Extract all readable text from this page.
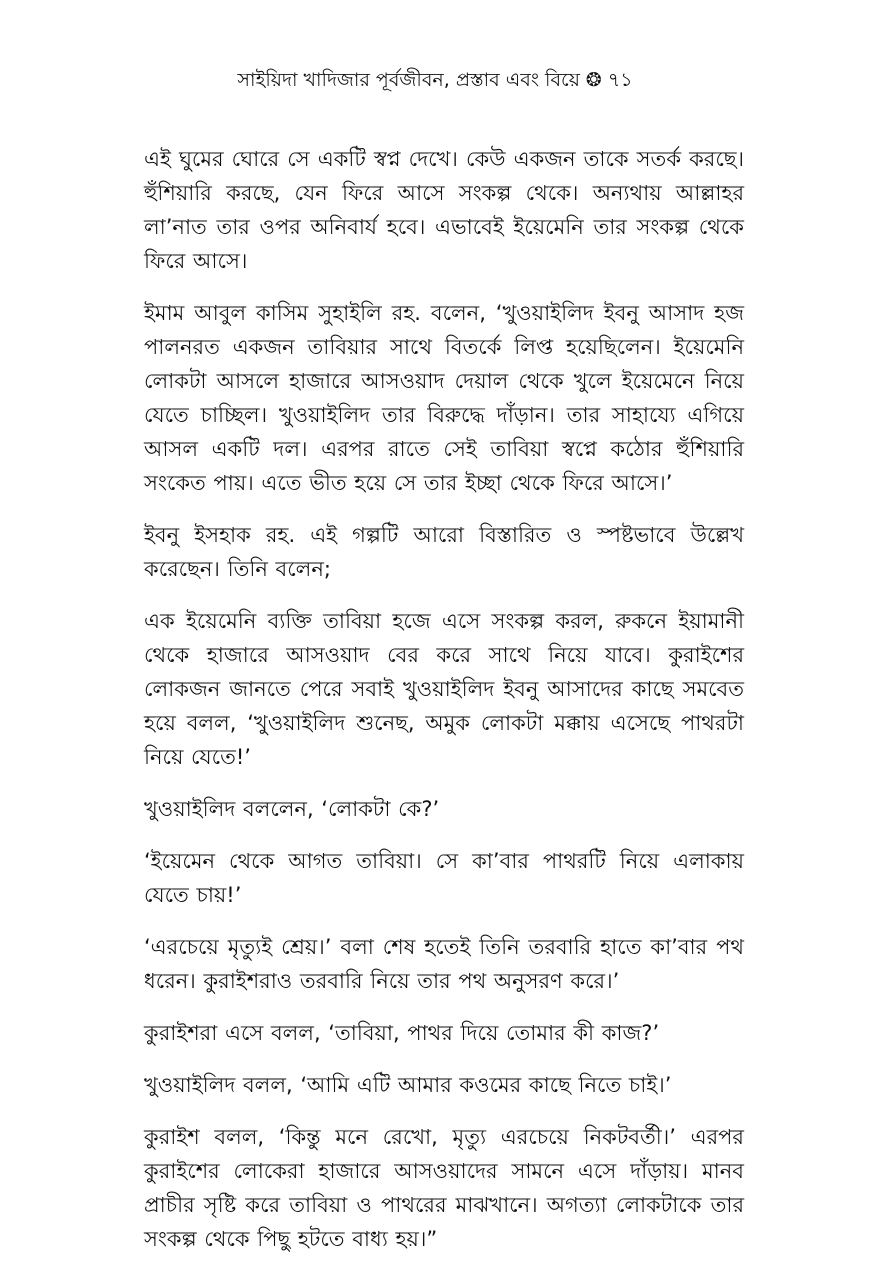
সাইয়িদা খাদিজার পূর্বজীবন, প্রস্তাব এবং বিয়ে ❂ ৭১

এই ঘুমের ঘোরে সে একটি স্বপ্ন দেখে। কেউ একজন তাকে সতর্ক করছে। হুঁশিয়ারি করছে, যেন ফিরে আসে সংকল্প থেকে। অন্যথায় আল্লাহর লা’নাত তার ওপর অনিবার্য হবে। এভাবেই ইয়েমেনি তার সংকল্প থেকে ফিরে আসে।

ইমাম আবুল কাসিম সুহাইলি রহ. বলেন, ‘খুওয়াইলিদ ইবনু আসাদ হজ পালনরত একজন তাবিয়ার সাথে বিতর্কে লিপ্ত হয়েছিলেন। ইয়েমেনি লোকটা আসলে হাজারে আসওয়াদ দেয়াল থেকে খুলে ইয়েমেনে নিয়ে যেতে চাচ্ছিল। খুওয়াইলিদ তার বিরুদ্ধে দাঁড়ান। তার সাহায্যে এগিয়ে আসল একটি দল। এরপর রাতে সেই তাবিয়া স্বপ্নে কঠোর হুঁশিয়ারি সংকেত পায়। এতে ভীত হয়ে সে তার ইচ্ছা থেকে ফিরে আসে।’

ইবনু ইসহাক রহ. এই গল্পটি আরো বিস্তারিত ও স্পষ্টভাবে উল্লেখ করেছেন। তিনি বলেন;

এক ইয়েমেনি ব্যক্তি তাবিয়া হজে এসে সংকল্প করল, রুকনে ইয়ামানী থেকে হাজারে আসওয়াদ বের করে সাথে নিয়ে যাবে। কুরাইশের লোকজন জানতে পেরে সবাই খুওয়াইলিদ ইবনু আসাদের কাছে সমবেত হয়ে বলল, ‘খুওয়াইলিদ শুনেছ, অমুক লোকটা মক্কায় এসেছে পাথরটা নিয়ে যেতে!’

খুওয়াইলিদ বললেন, ‘লোকটা কে?’

‘ইয়েমেন থেকে আগত তাবিয়া। সে কা’বার পাথরটি নিয়ে এলাকায় যেতে চায়!’

‘এরচেয়ে মৃত্যুই শ্রেয়।’ বলা শেষ হতেই তিনি তরবারি হাতে কা’বার পথ ধরেন। কুরাইশরাও তরবারি নিয়ে তার পথ অনুসরণ করে।’

কুরাইশরা এসে বলল, ‘তাবিয়া, পাথর দিয়ে তোমার কী কাজ?’

খুওয়াইলিদ বলল, ‘আমি এটি আমার কওমের কাছে নিতে চাই।’

কুরাইশ বলল, ‘কিন্তু মনে রেখো, মৃত্যু এরচেয়ে নিকটবর্তী।’ এরপর কুরাইশের লোকেরা হাজারে আসওয়াদের সামনে এসে দাঁড়ায়। মানব প্রাচীর সৃষ্টি করে তাবিয়া ও পাথরের মাঝখানে। অগত্যা লোকটাকে তার সংকল্প থেকে পিছু হটতে বাধ্য হয়।”
